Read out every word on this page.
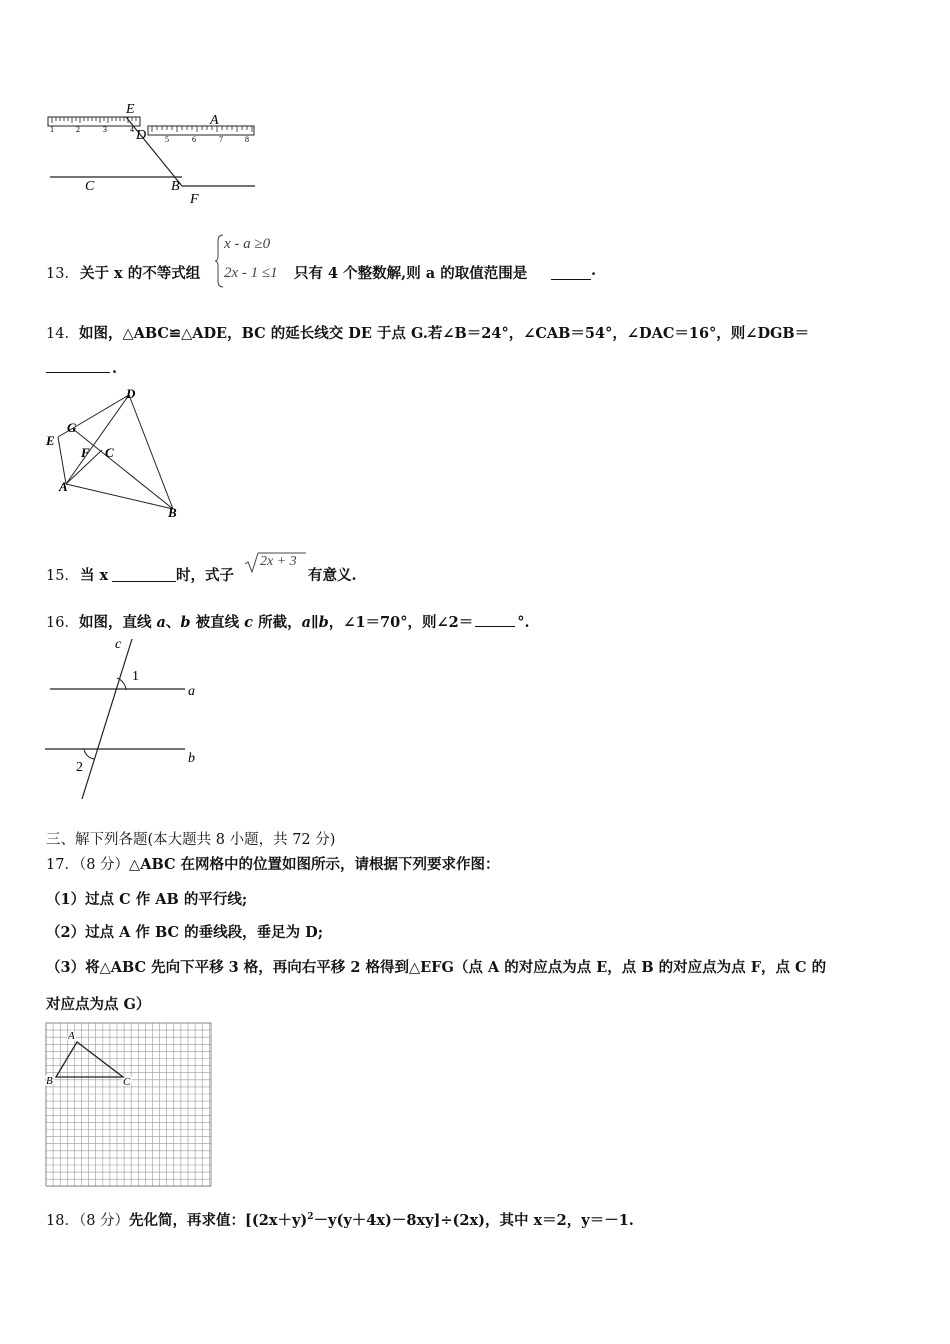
1	2	3	4
5	6	7	8
E
D
A
C	B
F
13． 关于 x 的不等式组
x - a ≥0
2x - 1 ≤1 只有 4 个整数解,则 a 的取值范围是	.
14．如图，△ABC≌△ADE，BC 的延长线交 DE 于点 G.若∠B＝24°，∠CAB＝54°，∠DAC＝16°，则∠DGB＝
.
D
G
E
F C
A
B
15． 当 x	时，式子
2x + 3
有意义.
16．如图，直线 a、b 被直线 c 所截，a∥b，∠1＝70°，则∠2＝	°.
c
1
a
b
2
三、解下列各题(本大题共 8 小题，共 72 分)
17．（8 分）△ABC 在网格中的位置如图所示，请根据下列要求作图：
（1）过点 C 作 AB 的平行线;
（2）过点 A 作 BC 的垂线段，垂足为 D;
（3）将△ABC 先向下平移 3 格，再向右平移 2 格得到△EFG（点 A 的对应点为点 E，点 B 的对应点为点 F，点 C 的
对应点为点 G）
A
B	C
18．（8 分）先化简，再求值：$[(2x+y)^2-y(y+4x)-8xy]\div(2x)$，其中 x＝2，y＝－1.
